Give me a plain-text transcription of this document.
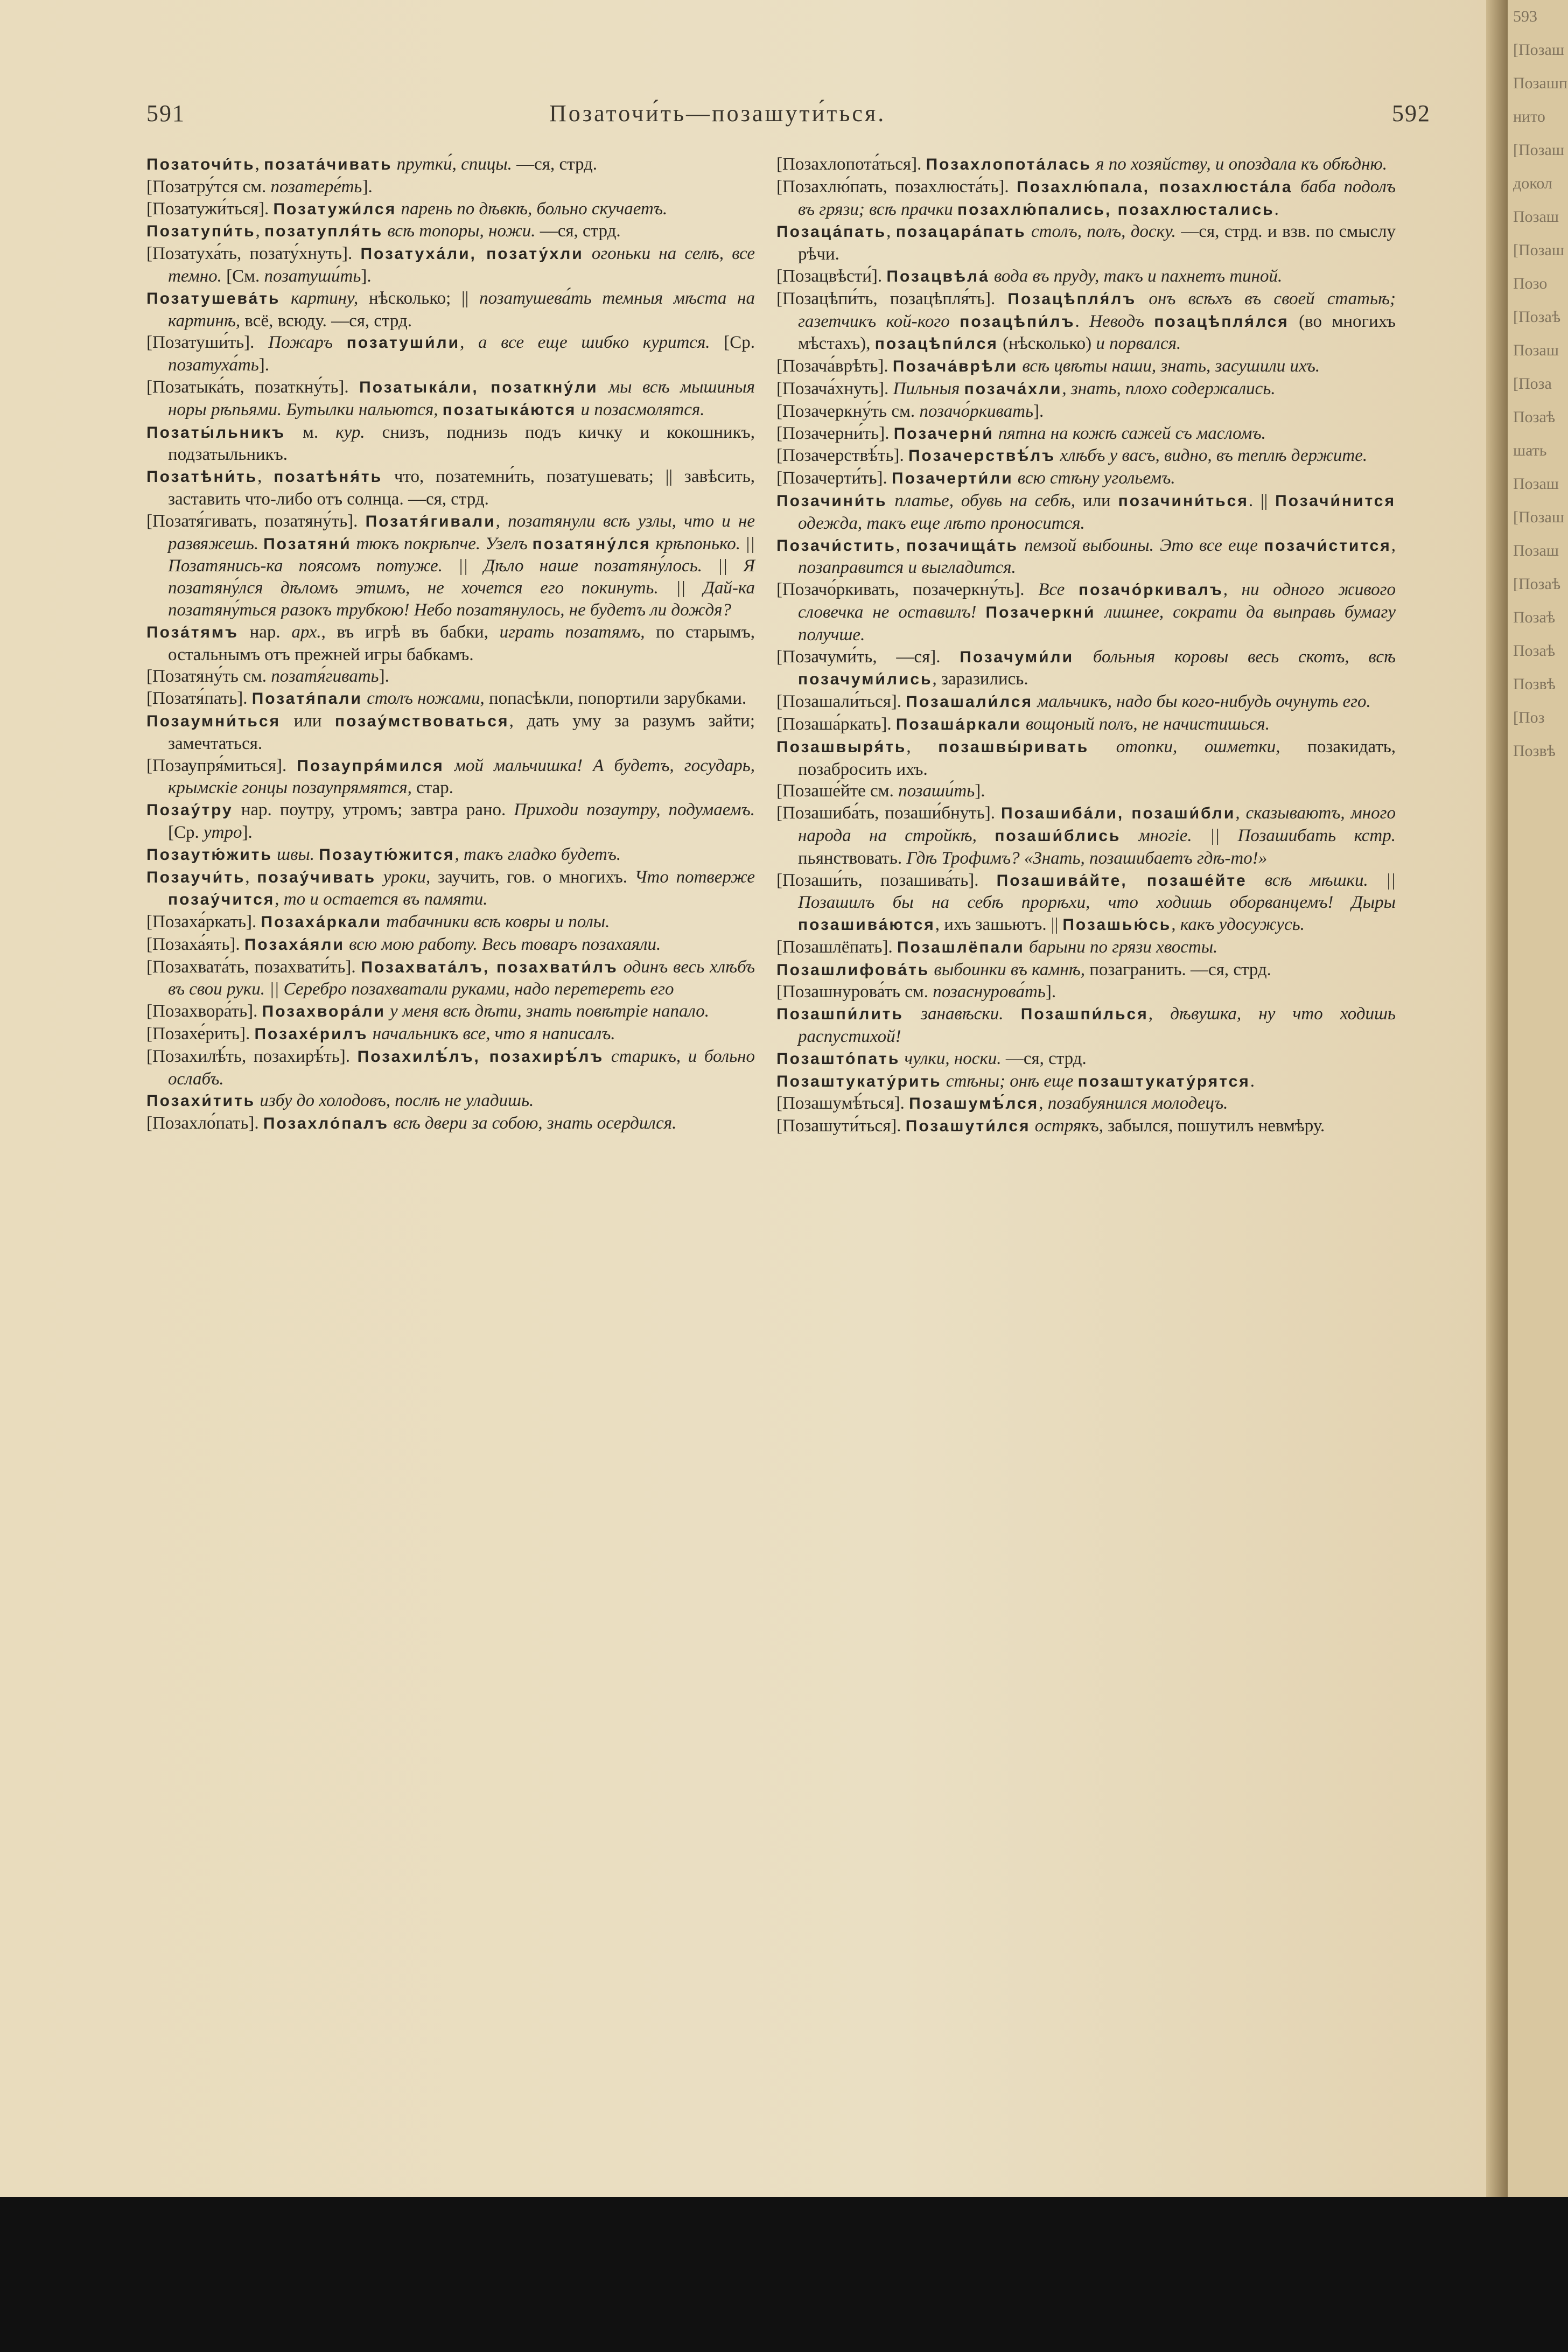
591	Позаточи́ть—позашути́ться.	592

Позаточи́ть, позата́чивать прутки́, спицы. —ся, стрд.

[Позатру́тся см. позатере́ть].

[Позатужи́ться]. Позатужи́лся парень по дѣвкѣ, больно скучаетъ.

Позатупи́ть, позатупля́ть всѣ топоры, ножи. —ся, стрд.

[Позатуха́ть, позату́хнуть]. Позатуха́ли, позату́хли огоньки на селѣ, все темно. [См. позатуши́ть].

Позатушева́ть картину, нѣсколько; || позатушева́ть темныя мѣста на картинѣ, всё, всюду. —ся, стрд.

[Позатуши́ть]. Пожаръ позатуши́ли, а все еще шибко курится. [Ср. позатуха́ть].

[Позатыка́ть, позаткну́ть]. Позатыка́ли, позаткну́ли мы всѣ мышиныя норы рѣпьями. Бутылки нальются, позатыка́ются и позасмолятся.

Позаты́льникъ м. кур. снизъ, поднизь подъ кичку и кокошникъ, подзатыльникъ.

Позатѣни́ть, позатѣня́ть что, позатемни́ть, позатушевать; || завѣсить, заставить что-либо отъ солнца. —ся, стрд.

[Позатя́гивать, позатяну́ть]. Позатя́гивали, позатянули всѣ узлы, что и не развяжешь. Позатяни́ тюкъ покрѣпче. Узелъ позатяну́лся крѣпонько. || Позатянись-ка поясомъ потуже. || Дѣло наше позатяну́лось. || Я позатяну́лся дѣломъ этимъ, не хочется его покинуть. || Дай-ка позатяну́ться разокъ трубкою! Небо позатянулось, не будетъ ли дождя?

Поза́тямъ нар. арх., въ игрѣ въ бабки, играть позатямъ, по старымъ, остальнымъ отъ прежней игры бабкамъ.

[Позатяну́ть см. позатя́гивать].

[Позатя́пать]. Позатя́пали столъ ножами, попасѣкли, попортили зарубками.

Позаумни́ться или позау́мствоваться, дать уму за разумъ зайти; замечтаться.

[Позаупря́миться]. Позаупря́мился мой мальчишка! А будетъ, государь, крымскiе гонцы позаупрямятся, стар.

Позау́тру нар. поутру, утромъ; завтра рано. Приходи позаутру, подумаемъ. [Ср. утро].

Позаутю́жить швы. Позаутю́жится, такъ гладко будетъ.

Позаучи́ть, позау́чивать уроки, заучить, гов. о многихъ. Что потверже позау́чится, то и остается въ памяти.

[Позаха́ркать]. Позаха́ркали табачники всѣ ковры и полы.

[Позаха́ять]. Позаха́яли всю мою работу. Весь товаръ позахаяли.

[Позахвата́ть, позахвати́ть]. Позахвата́лъ, позахвати́лъ одинъ весь хлѣбъ въ свои руки. || Серебро позахватали руками, надо перетереть его

[Позахвора́ть]. Позахвора́ли у меня всѣ дѣти, знать повѣтрiе напало.

[Позахе́рить]. Позахе́рилъ начальникъ все, что я написалъ.

[Позахилѣ́ть, позахирѣ́ть]. Позахилѣ́лъ, позахирѣ́лъ старикъ, и больно ослабъ.

Позахи́тить избу до холодовъ, послѣ не уладишь.

[Позахло́пать]. Позахло́палъ всѣ двери за собою, знать осердился.

[Позахлопота́ться]. Позахлопота́лась я по хозяйству, и опоздала къ обѣдню.

[Позахлю́пать, позахлюста́ть]. Позахлю́пала, позахлюста́ла баба подолъ въ грязи; всѣ прачки позахлю́пались, позахлюстались.

Позаца́пать, позацара́пать столъ, полъ, доску. —ся, стрд. и взв. по смыслу рѣчи.

[Позацвѣсти́]. Позацвѣла́ вода въ пруду, такъ и пахнетъ тиной.

[Позацѣпи́ть, позацѣпля́ть]. Позацѣпля́лъ онъ всѣхъ въ своей статьѣ; газетчикъ кой-кого позацѣпи́лъ. Неводъ позацѣпля́лся (во многихъ мѣстахъ), позацѣпи́лся (нѣсколько) и порвался.

[Позача́врѣть]. Позача́врѣли всѣ цвѣты наши, знать, засушили ихъ.

[Позача́хнуть]. Пильныя позача́хли, знать, плохо содержались.

[Позачеркну́ть см. позачо́ркивать].

[Позачерни́ть]. Позачерни́ пятна на кожѣ сажей съ масломъ.

[Позачерствѣ́ть]. Позачерствѣ́лъ хлѣбъ у васъ, видно, въ теплѣ держите.

[Позачерти́ть]. Позачерти́ли всю стѣну угольемъ.

Позачини́ть платье, обувь на себѣ, или позачини́ться. || Позачи́нится одежда, такъ еще лѣто проносится.

Позачи́стить, позачища́ть пемзой выбоины. Это все еще позачи́стится, позаправится и выгладится.

[Позачо́ркивать, позачеркну́ть]. Все позачо́ркивалъ, ни одного живого словечка не оставилъ! Позачеркни́ лишнее, сократи да выправь бумагу получше.

[Позачуми́ть, —ся]. Позачуми́ли больныя коровы весь скотъ, всѣ позачуми́лись, заразились.

[Позашали́ться]. Позашали́лся мальчикъ, надо бы кого-нибудь очунуть его.

[Позаша́ркать]. Позаша́ркали вощоный полъ, не начистишься.

Позашвыря́ть, позашвы́ривать отопки, ошметки, позакидать, позабросить ихъ.

[Позаше́йте см. позаши́ть].

[Позашиба́ть, позаши́бнуть]. Позашиба́ли, позаши́бли, сказываютъ, много народа на стройкѣ, позаши́блись многiе. || Позашибать кстр. пьянствовать. Гдѣ Трофимъ? «Знать, позашибаетъ гдѣ-то!»

[Позаши́ть, позашива́ть]. Позашива́йте, позаше́йте всѣ мѣшки. || Позашилъ бы на себѣ прорѣхи, что ходишь оборванцемъ! Дыры позашива́ются, ихъ зашьютъ. || Позашью́сь, какъ удосужусь.

[Позашлёпать]. Позашлёпали барыни по грязи хвосты.

Позашлифова́ть выбоинки въ камнѣ, позагранить. —ся, стрд.

[Позашнурова́ть см. позаснурова́ть].

Позашпи́лить занавѣски. Позашпи́лься, дѣвушка, ну что ходишь распустихой!

Позашто́пать чулки, носки. —ся, стрд.

Позаштукату́рить стѣны; онѣ еще позаштукату́рятся.

[Позашумѣ́ться]. Позашумѣ́лся, позабуянился молодецъ.

[Позашути́ться]. Позашути́лся острякъ, забылся, пошутилъ невмѣру.

593
[Позаш
Позашп
нито
[Позаш
докол
Позаш
[Позаш
Позо
[Позаѣ
Позаш
[Поза
Позаѣ
шать
Позаш
[Позаш
Позаш
[Позаѣ
Позаѣ
Позаѣ
Позвѣ
[Поз
Позвѣ
